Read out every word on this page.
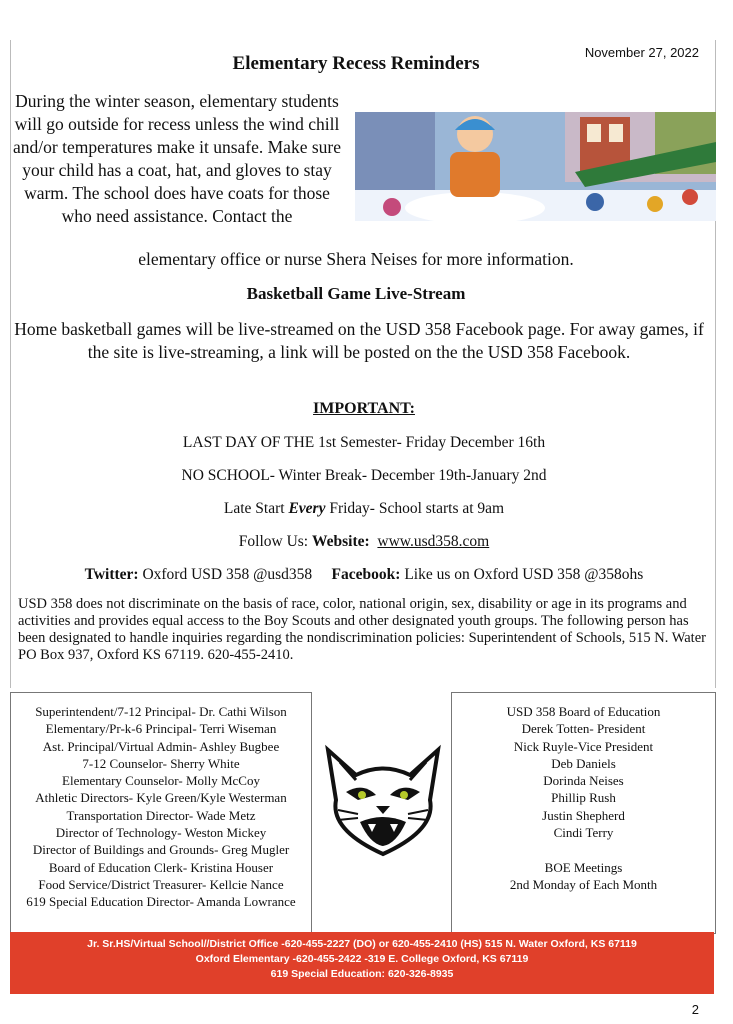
November 27, 2022
Elementary Recess Reminders
During the winter season, elementary students will go outside for recess unless the wind chill and/or temperatures make it unsafe. Make sure your child has a coat, hat, and gloves to stay warm. The school does have coats for those who need assistance. Contact the
elementary office or nurse Shera Neises for more information.
Basketball Game Live-Stream
Home basketball games will be live-streamed on the USD 358 Facebook page. For away games, if the site is live-streaming, a link will be posted on the the USD 358 Facebook.
IMPORTANT:
LAST DAY OF THE 1st Semester- Friday December 16th
NO SCHOOL- Winter Break- December 19th-January 2nd
Late Start Every Friday- School starts at 9am
Follow Us: Website: www.usd358.com
Twitter: Oxford USD 358 @usd358 Facebook: Like us on Oxford USD 358 @358ohs
USD 358 does not discriminate on the basis of race, color, national origin, sex, disability or age in its programs and activities and provides equal access to the Boy Scouts and other designated youth groups. The following person has been designated to handle inquiries regarding the nondiscrimination policies: Superintendent of Schools, 515 N. Water PO Box 937, Oxford KS 67119. 620-455-2410.
Superintendent/7-12 Principal- Dr. Cathi Wilson
Elementary/Pr-k-6 Principal- Terri Wiseman
Ast. Principal/Virtual Admin- Ashley Bugbee
7-12 Counselor- Sherry White
Elementary Counselor- Molly McCoy
Athletic Directors- Kyle Green/Kyle Westerman
Transportation Director- Wade Metz
Director of Technology- Weston Mickey
Director of Buildings and Grounds- Greg Mugler
Board of Education Clerk- Kristina Houser
Food Service/District Treasurer- Kellcie Nance
619 Special Education Director- Amanda Lowrance
USD 358 Board of Education
Derek Totten- President
Nick Ruyle-Vice President
Deb Daniels
Dorinda Neises
Phillip Rush
Justin Shepherd
Cindi Terry

BOE Meetings
2nd Monday of Each Month
Jr. Sr.HS/Virtual School//District Office -620-455-2227 (DO) or 620-455-2410 (HS) 515 N. Water Oxford, KS 67119
Oxford Elementary -620-455-2422 -319 E. College Oxford, KS 67119
619 Special Education: 620-326-8935
2
